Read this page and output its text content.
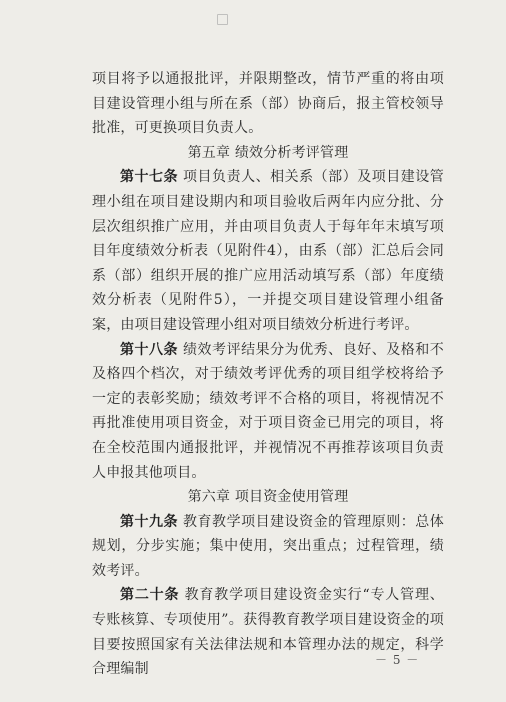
项目将予以通报批评，并限期整改，情节严重的将由项目建设管理小组与所在系（部）协商后，报主管校领导批准，可更换项目负责人。

第五章 绩效分析考评管理

第十七条 项目负责人、相关系（部）及项目建设管理小组在项目建设期内和项目验收后两年内应分批、分层次组织推广应用，并由项目负责人于每年年末填写项目年度绩效分析表（见附件4），由系（部）汇总后会同系（部）组织开展的推广应用活动填写系（部）年度绩效分析表（见附件5），一并提交项目建设管理小组备案，由项目建设管理小组对项目绩效分析进行考评。

第十八条 绩效考评结果分为优秀、良好、及格和不及格四个档次，对于绩效考评优秀的项目组学校将给予一定的表彰奖励；绩效考评不合格的项目，将视情况不再批准使用项目资金，对于项目资金已用完的项目，将在全校范围内通报批评，并视情况不再推荐该项目负责人申报其他项目。

第六章 项目资金使用管理

第十九条 教育教学项目建设资金的管理原则：总体规划，分步实施；集中使用，突出重点；过程管理，绩效考评。

第二十条 教育教学项目建设资金实行“专人管理、专账核算、专项使用”。获得教育教学项目建设资金的项目要按照国家有关法律法规和本管理办法的规定，科学合理编制

－ 5 －
